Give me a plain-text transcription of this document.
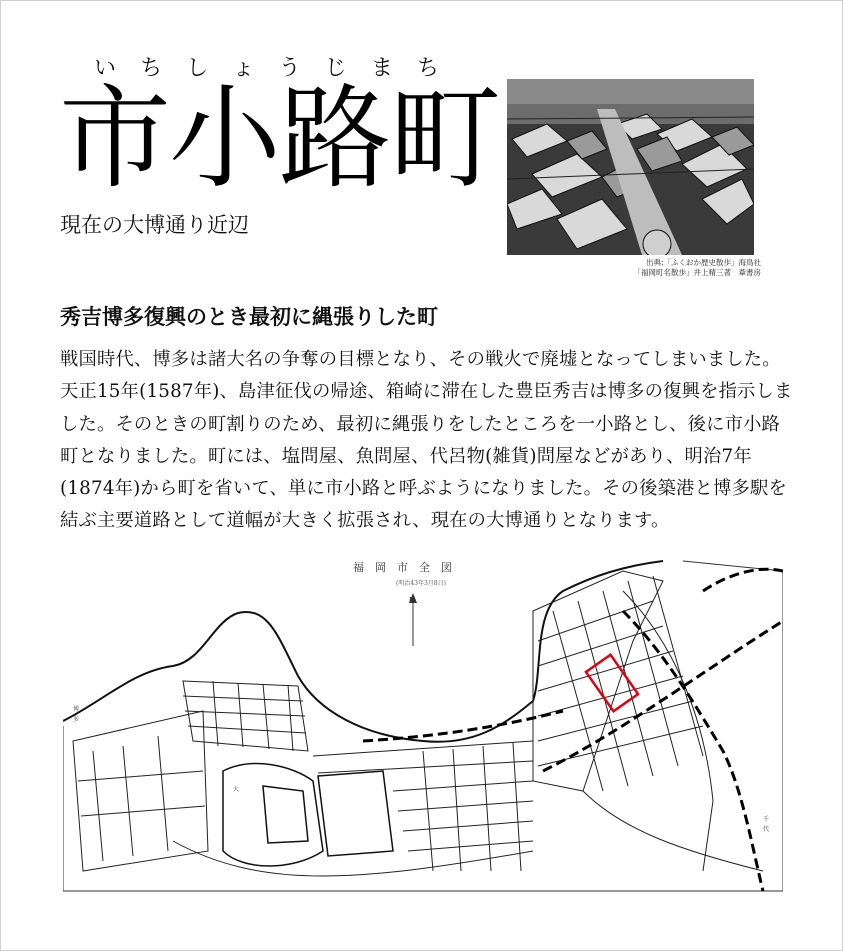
い ち し ょ う じ ま ち
市小路町
現在の大博通り近辺
出典:「ふくおか歴史散歩」海鳥社
「福岡町名散歩」井上精三著　葦書房
秀吉博多復興のとき最初に縄張りした町

戦国時代、博多は諸大名の争奪の目標となり、その戦火で廃墟となってしまいました。天正15年(1587年)、島津征伐の帰途、箱崎に滞在した豊臣秀吉は博多の復興を指示しました。そのときの町割りのため、最初に縄張りをしたところを一小路とし、後に市小路町となりました。町には、塩問屋、魚問屋、代呂物(雑貨)問屋などがあり、明治7年(1874年)から町を省いて、単に市小路と呼ぶようになりました。その後築港と博多駅を結ぶ主要道路として道幅が大きく拡張され、現在の大博通りとなります。

福　岡　市　全　図
(明治43年3月8日)
N
博
多
大
千
代
